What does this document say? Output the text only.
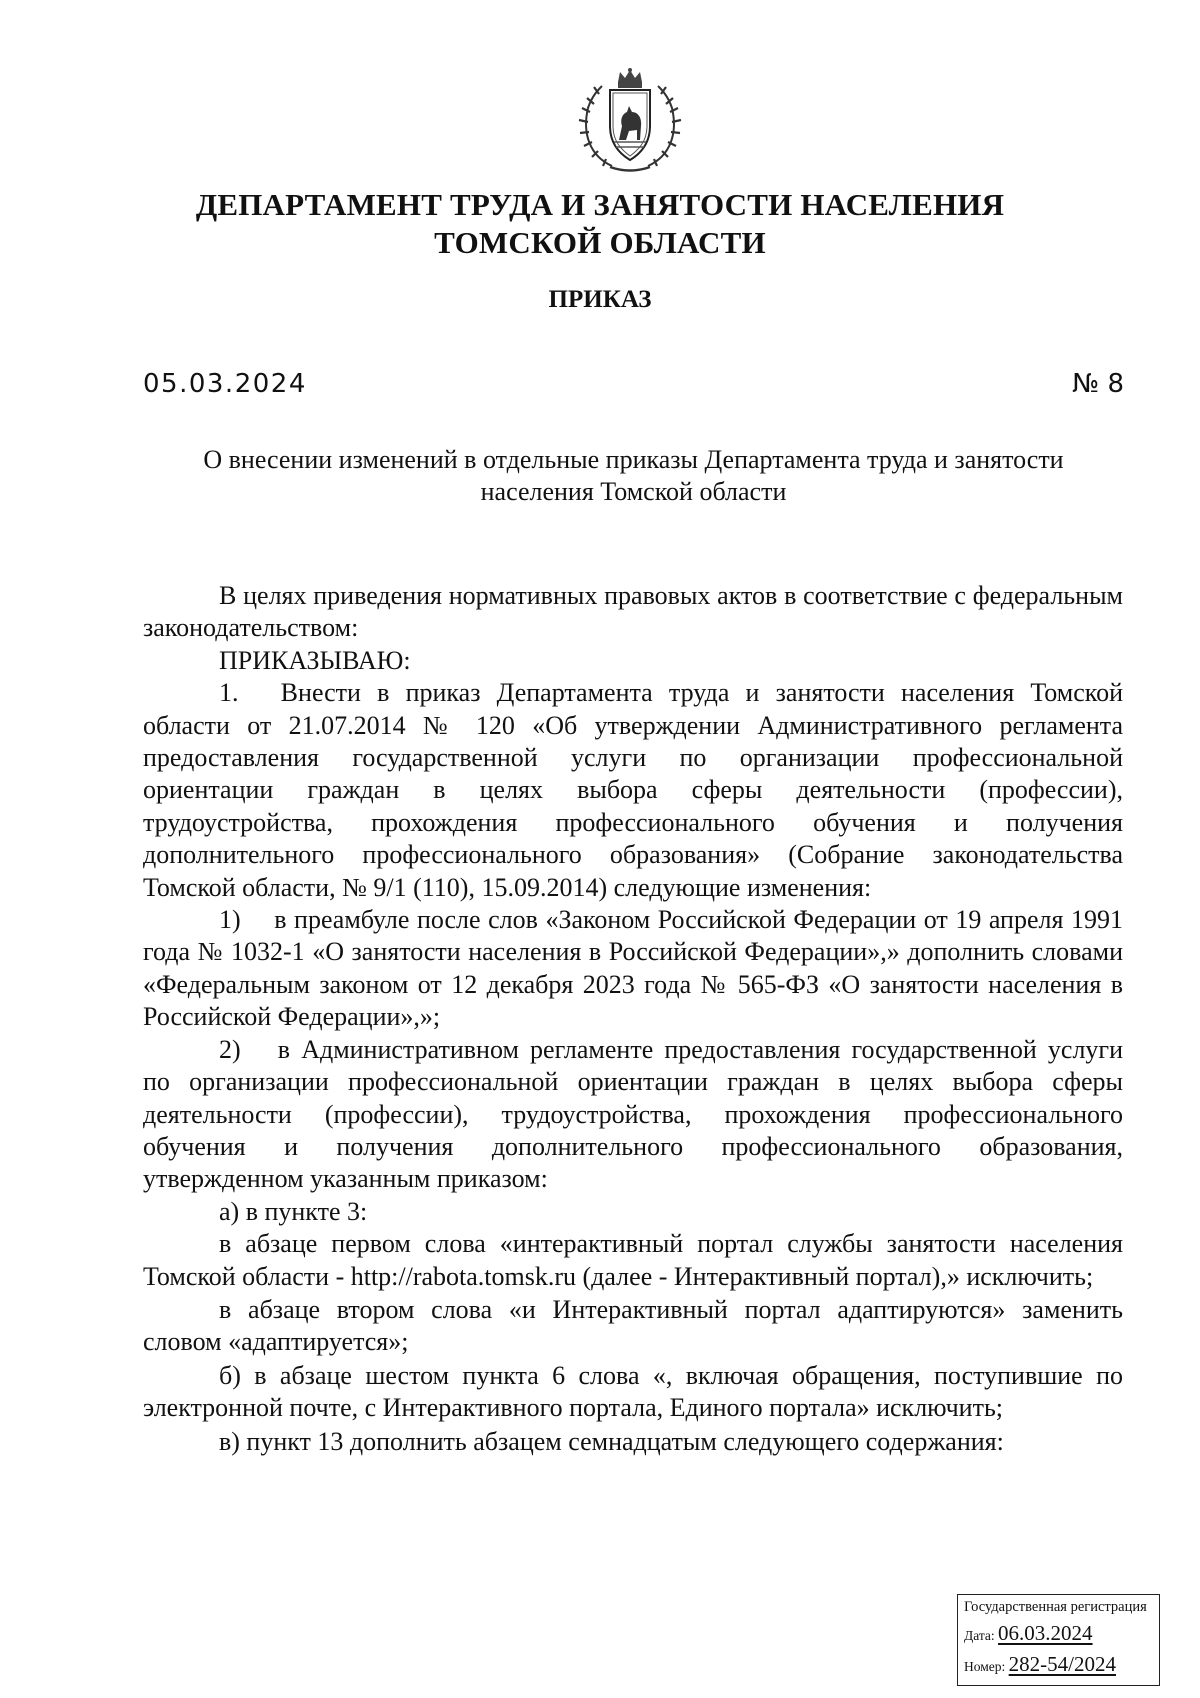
ДЕПАРТАМЕНТ ТРУДА И ЗАНЯТОСТИ НАСЕЛЕНИЯ
ТОМСКОЙ ОБЛАСТИ
ПРИКАЗ
05.03.2024	№ 8
О внесении изменений в отдельные приказы Департамента труда и занятости
населения Томской области

В целях приведения нормативных правовых актов в соответствие с федеральным законодательством:

ПРИКАЗЫВАЮ:

1.  Внести в приказ Департамента труда и занятости населения Томской области от 21.07.2014 № 120 «Об утверждении Административного регламента предоставления государственной услуги по организации профессиональной ориентации граждан в целях выбора сферы деятельности (профессии), трудоустройства, прохождения профессионального обучения и получения дополнительного профессионального образования» (Собрание законодательства Томской области, № 9/1 (110), 15.09.2014) следующие изменения:

1)  в преамбуле после слов «Законом Российской Федерации от 19 апреля 1991 года № 1032-1 «О занятости населения в Российской Федерации»,» дополнить словами «Федеральным законом от 12 декабря 2023 года № 565-ФЗ «О занятости населения в Российской Федерации»,»;

2)  в Административном регламенте предоставления государственной услуги по организации профессиональной ориентации граждан в целях выбора сферы деятельности (профессии), трудоустройства, прохождения профессионального обучения и получения дополнительного профессионального образования, утвержденном указанным приказом:

а) в пункте 3:

в абзаце первом слова «интерактивный портал службы занятости населения Томской области - http://rabota.tomsk.ru (далее - Интерактивный портал),» исключить;

в абзаце втором слова «и Интерактивный портал адаптируются» заменить словом «адаптируется»;

б) в абзаце шестом пункта 6 слова «, включая обращения, поступившие по электронной почте, с Интерактивного портала, Единого портала» исключить;

в) пункт 13 дополнить абзацем семнадцатым следующего содержания:

Государственная регистрация
Дата: 06.03.2024
Номер: 282-54/2024
